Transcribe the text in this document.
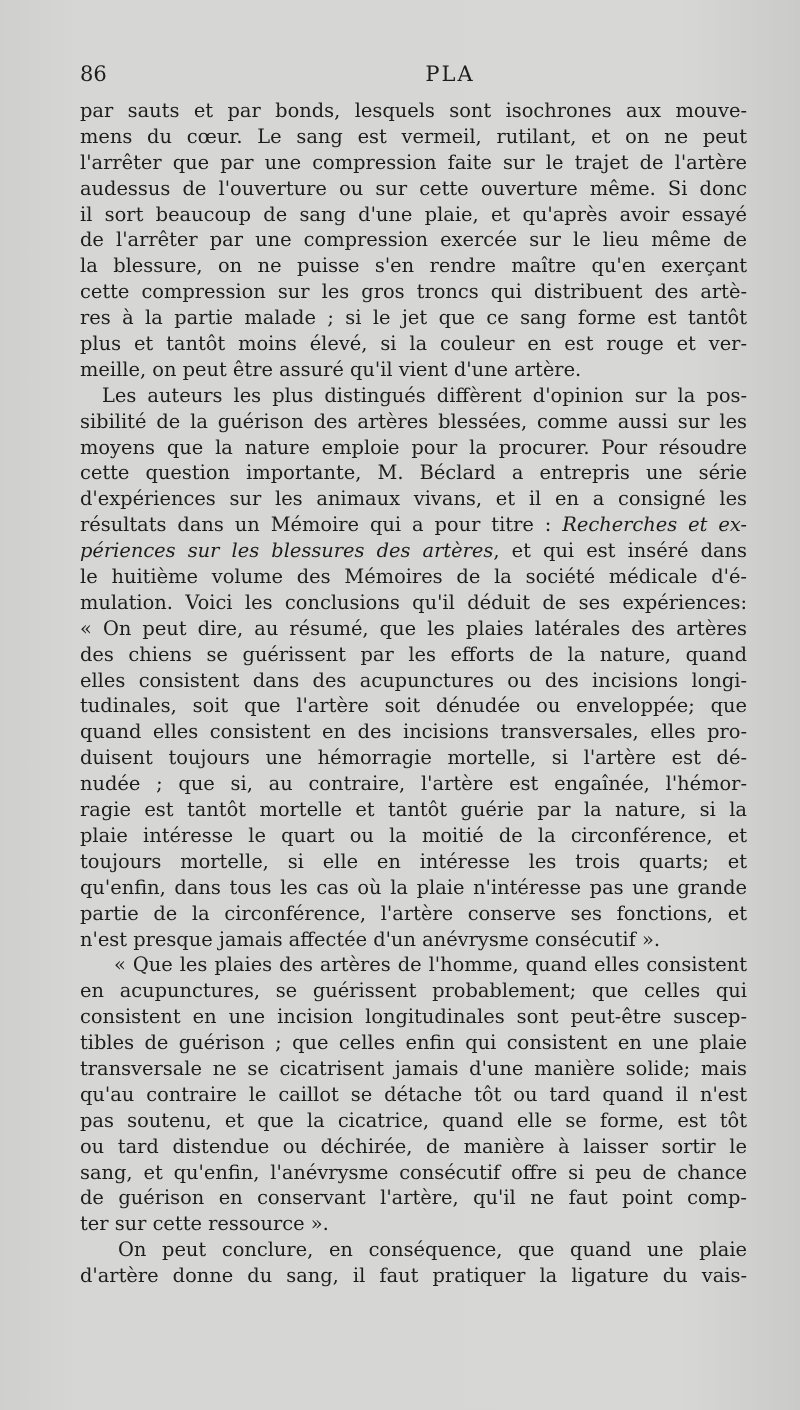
86	PLA
par sauts et par bonds, lesquels sont isochrones aux mouve-
mens du cœur. Le sang est vermeil, rutilant, et on ne peut
l'arrêter que par une compression faite sur le trajet de l'artère
audessus de l'ouverture ou sur cette ouverture même. Si donc
il sort beaucoup de sang d'une plaie, et qu'après avoir essayé
de l'arrêter par une compression exercée sur le lieu même de
la blessure, on ne puisse s'en rendre maître qu'en exerçant
cette compression sur les gros troncs qui distribuent des artè-
res à la partie malade ; si le jet que ce sang forme est tantôt
plus et tantôt moins élevé, si la couleur en est rouge et ver-
meille, on peut être assuré qu'il vient d'une artère.
Les auteurs les plus distingués diffèrent d'opinion sur la pos-
sibilité de la guérison des artères blessées, comme aussi sur les
moyens que la nature emploie pour la procurer. Pour résoudre
cette question importante, M. Béclard a entrepris une série
d'expériences sur les animaux vivans, et il en a consigné les
résultats dans un Mémoire qui a pour titre : Recherches et ex-
périences sur les blessures des artères, et qui est inséré dans
le huitième volume des Mémoires de la société médicale d'é-
mulation. Voici les conclusions qu'il déduit de ses expériences:
« On peut dire, au résumé, que les plaies latérales des artères
des chiens se guérissent par les efforts de la nature, quand
elles consistent dans des acupunctures ou des incisions longi-
tudinales, soit que l'artère soit dénudée ou enveloppée; que
quand elles consistent en des incisions transversales, elles pro-
duisent toujours une hémorragie mortelle, si l'artère est dé-
nudée ; que si, au contraire, l'artère est engaînée, l'hémor-
ragie est tantôt mortelle et tantôt guérie par la nature, si la
plaie intéresse le quart ou la moitié de la circonférence, et
toujours mortelle, si elle en intéresse les trois quarts; et
qu'enfin, dans tous les cas où la plaie n'intéresse pas une grande
partie de la circonférence, l'artère conserve ses fonctions, et
n'est presque jamais affectée d'un anévrysme consécutif ».
« Que les plaies des artères de l'homme, quand elles consistent
en acupunctures, se guérissent probablement; que celles qui
consistent en une incision longitudinales sont peut-être suscep-
tibles de guérison ; que celles enfin qui consistent en une plaie
transversale ne se cicatrisent jamais d'une manière solide; mais
qu'au contraire le caillot se détache tôt ou tard quand il n'est
pas soutenu, et que la cicatrice, quand elle se forme, est tôt
ou tard distendue ou déchirée, de manière à laisser sortir le
sang, et qu'enfin, l'anévrysme consécutif offre si peu de chance
de guérison en conservant l'artère, qu'il ne faut point comp-
ter sur cette ressource ».
On peut conclure, en conséquence, que quand une plaie
d'artère donne du sang, il faut pratiquer la ligature du vais-
